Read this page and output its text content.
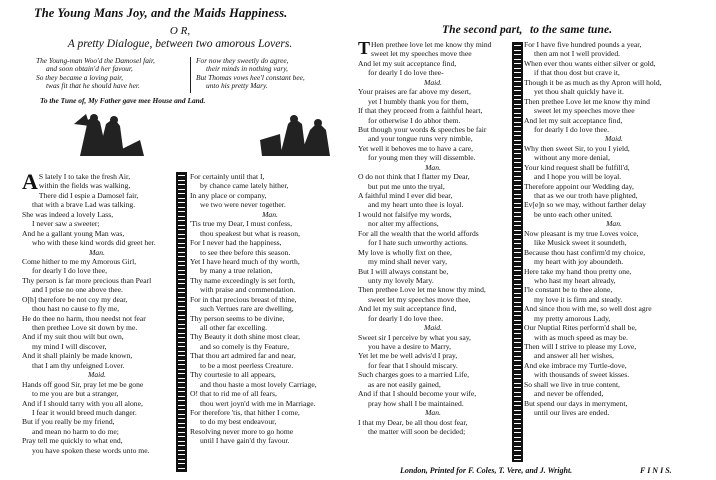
The Young Mans Joy, and the Maids Happiness.
O R,
A pretty Dialogue, between two amorous Lovers.
The Young-man Woo'd the Damosel fair,
and soon obtain'd her favour,
So they became a loving pair,
twas fit that he should have her.
For now they sweetly do agree,
their minds in nothing vary,
But Thomas vows hee'l constant bee,
unto his pretty Mary.
To the Tune of, My Father gave mee House and Land.
A S lately I to take the fresh Air,
within the fields was walking,
There did I espie a Damosel fair,
that with a brave Lad was talking.
She was indeed a lovely Lass,
I never saw a sweeter;
And he a gallant young Man was,
who with these kind words did greet her.
Man.
Come hither to me my Amorous Girl,
for dearly I do love thee,
Thy person is far more precious than Pearl
and I prise no one above thee.
O[h] therefore be not coy my dear,
thou hast no cause to fly me,
He do thee no harm, thou needst not fear
then prethee Love sit down by me.
And if my suit thou wilt but own,
my mind I will discover,
And it shall plainly be made known,
that I am thy unfeigned Lover.
Maid.
Hands off good Sir, pray let me be gone
to me you are but a stranger,
And if I should tarry with you all alone,
I fear it would breed much danger.
But if you really be my friend,
and mean no harm to do me;
Pray tell me quickly to what end,
you have spoken these words unto me.
For certainly until that I,
by chance came lately hither,
In any place or company,
we two were never together.
Man.
'Tis true my Dear, I must confess,
thou speakest but what is reason,
For I never had the happiness,
to see thee before this season.
Yet I have heard much of thy worth,
by many a true relation,
Thy name exceedingly is set forth,
with praise and commendation.
For in that precious breast of thine,
such Vertues rare are dwelling,
Thy person seems to be divine,
all other far excelling.
Thy Beauty it doth shine most clear,
and so comely is thy Feature,
That thou art admired far and near,
to be a most peerless Creature.
Thy courtesie to all appears,
and thou haste a most lovely Carriage,
O! that to rid me of all fears,
thou wert joyn'd with me in Marriage.
For therefore 'tis, that hither I come,
to do my best endeavour,
Resolving never more to go home
until I have gain'd thy favour.
The second part, to the same tune.
T Hen prethee love let me know thy mind
sweet let my speeches move thee
And let my suit acceptance find,
for dearly I do love thee-
Maid.
Your praises are far above my desert,
yet I humbly thank you for them,
If that they proceed from a faithful heart,
for otherwise I do abhor them.
But though your words & speeches be fair
and your tongue runs very nimble,
Yet well it behoves me to have a care,
for young men they will dissemble.
Man.
O do not think that I flatter my Dear,
but put me unto the tryal,
A faithful mind I ever did bear,
and my heart unto thee is loyal.
I would not falsifye my words,
nor alter my affections,
For all the wealth that the world affords
for I hate such unworthy actions.
My love is wholly fixt on thee,
my mind shall never vary,
But I will always constant be,
unty my lovely Mary.
Then prethee Love let me know thy mind,
sweet let my speeches move thee,
And let my suit acceptance find,
for dearly I do love thee.
Maid.
Sweet sir I perceive by what you say,
you have a desire to Marry,
Yet let me be well advis'd I pray,
for fear that I should miscary.
Such charges goes to a married Life,
as are not easily gained,
And if that I should become your wife,
pray how shall I be maintained.
Man.
I that my Dear, be all thou dost fear,
the matter will soon be decided;
For I have five hundred pounds a year,
then am not I well provided.
When ever thou wants either silver or gold,
if that thou dost but crave it,
Though it be as much as thy Apron will hold,
yet thou shalt quickly have it.
Then prethee Love let me know thy mind
sweet let my speeches move thee
And let my suit acceptance find,
for dearly I do love thee.
Maid.
Why then sweet Sir, to you I yield,
without any more denial,
Your kind request shall be fulfill'd,
and I hope you will be loyal.
Therefore appoint our Wedding day,
that as we our troth have plighted,
Ev[e]n so we may, without farther delay
be unto each other united.
Man.
Now pleasant is my true Loves voice,
like Musick sweet it soundeth,
Because thou hast confirm'd my choice,
my heart with joy aboundeth.
Here take my hand thou pretty one,
who hast my heart already,
I'le constant be to thee alone,
my love it is firm and steady.
And since thou with me, so well dost agre
my pretty amorous Lady,
Our Nuptial Rites perform'd shall be,
with as much speed as may be.
Then will I strive to please my Love,
and answer all her wishes,
And eke imbrace my Turtle-dove,
with thousands of sweet kisses.
So shall we live in true content,
and never be offended,
But spend our days in merryment,
until our lives are ended.
London, Printed for F. Coles, T. Vere, and J. Wright.	F I N I S.
